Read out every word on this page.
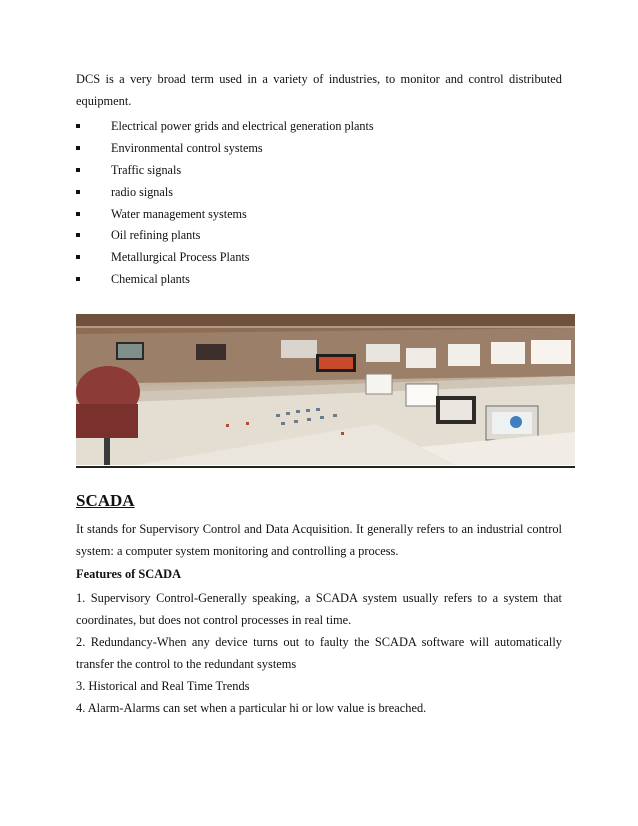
DCS is a very broad term used in a variety of industries, to monitor and control distributed equipment.
Electrical power grids and electrical generation plants
Environmental control systems
Traffic signals
radio signals
Water management systems
Oil refining plants
Metallurgical Process Plants
Chemical plants
SCADA
It stands for Supervisory Control and Data Acquisition. It generally refers to an industrial control system: a computer system monitoring and controlling a process.
Features of SCADA
1. Supervisory Control-Generally speaking, a SCADA system usually refers to a system that coordinates, but does not control processes in real time.
2. Redundancy-When any device turns out to faulty the SCADA software will automatically transfer the control to the redundant systems
3. Historical and Real Time Trends
4. Alarm-Alarms can set when a particular hi or low value is breached.
